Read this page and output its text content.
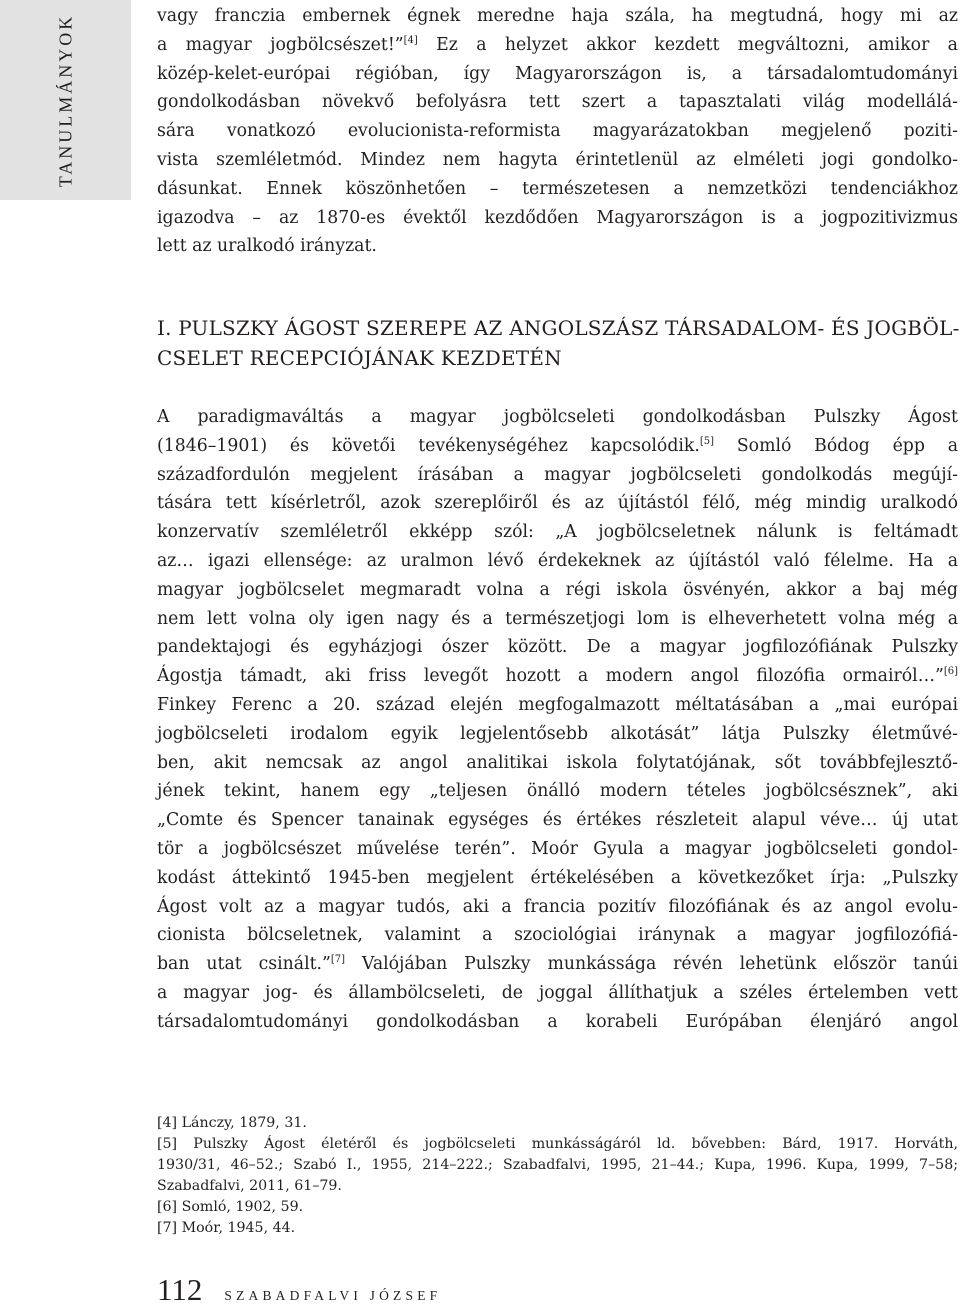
TANULMÁNYOK	vagy franczia embernek égnek meredne haja szála, ha megtudná, hogy mi az
a magyar jogbölcsészet!”[4] Ez a helyzet akkor kezdett megváltozni, amikor a
közép-kelet-európai régióban, így Magyarországon is, a társadalomtudományi
gondolkodásban növekvő befolyásra tett szert a tapasztalati világ modellálá-
sára vonatkozó evolucionista-reformista magyarázatokban megjelenő poziti-
vista szemléletmód. Mindez nem hagyta érintetlenül az elméleti jogi gondolko-
dásunkat. Ennek köszönhetően – természetesen a nemzetközi tendenciákhoz
igazodva – az 1870-es évektől kezdődően Magyarországon is a jogpozitivizmus
lett az uralkodó irányzat.

I. PULSZKY ÁGOST SZEREPE AZ ANGOLSZÁSZ TÁRSADALOM- ÉS JOGBÖL-
CSELET RECEPCIÓJÁNAK KEZDETÉN

A paradigmaváltás a magyar jogbölcseleti gondolkodásban Pulszky Ágost
(1846–1901) és követői tevékenységéhez kapcsolódik.[5] Somló Bódog épp a
századfordulón megjelent írásában a magyar jogbölcseleti gondolkodás megújí-
tására tett kísérletről, azok szereplőiről és az újítástól félő, még mindig uralkodó
konzervatív szemléletről ekképp szól: „A jogbölcseletnek nálunk is feltámadt
az… igazi ellensége: az uralmon lévő érdekeknek az újítástól való félelme. Ha a
magyar jogbölcselet megmaradt volna a régi iskola ösvényén, akkor a baj még
nem lett volna oly igen nagy és a természetjogi lom is elheverhetett volna még a
pandektajogi és egyházjogi ószer között. De a magyar jogfilozófiának Pulszky
Ágostja támadt, aki friss levegőt hozott a modern angol filozófia ormairól…”[6]
Finkey Ferenc a 20. század elején megfogalmazott méltatásában a „mai európai
jogbölcseleti irodalom egyik legjelentősebb alkotását” látja Pulszky életművé-
ben, akit nemcsak az angol analitikai iskola folytatójának, sőt továbbfejlesztő-
jének tekint, hanem egy „teljesen önálló modern tételes jogbölcsésznek”, aki
„Comte és Spencer tanainak egységes és értékes részleteit alapul véve… új utat
tör a jogbölcsészet művelése terén”. Moór Gyula a magyar jogbölcseleti gondol-
kodást áttekintő 1945-ben megjelent értékelésében a következőket írja: „Pulszky
Ágost volt az a magyar tudós, aki a francia pozitív filozófiának és az angol evolu-
cionista bölcseletnek, valamint a szociológiai iránynak a magyar jogfilozófiá-
ban utat csinált.”[7] Valójában Pulszky munkássága révén lehetünk először tanúi
a magyar jog- és állambölcseleti, de joggal állíthatjuk a széles értelemben vett
társadalomtudományi gondolkodásban a korabeli Európában élenjáró angol

[4] Lánczy, 1879, 31.
[5] Pulszky Ágost életéről és jogbölcseleti munkásságáról ld. bővebben: Bárd, 1917. Horváth,
1930/31, 46–52.; Szabó I., 1955, 214–222.; Szabadfalvi, 1995, 21–44.; Kupa, 1996. Kupa, 1999, 7–58;
Szabadfalvi, 2011, 61–79.
[6] Somló, 1902, 59.
[7] Moór, 1945, 44.
112 SZABADFALVI JÓZSEF
